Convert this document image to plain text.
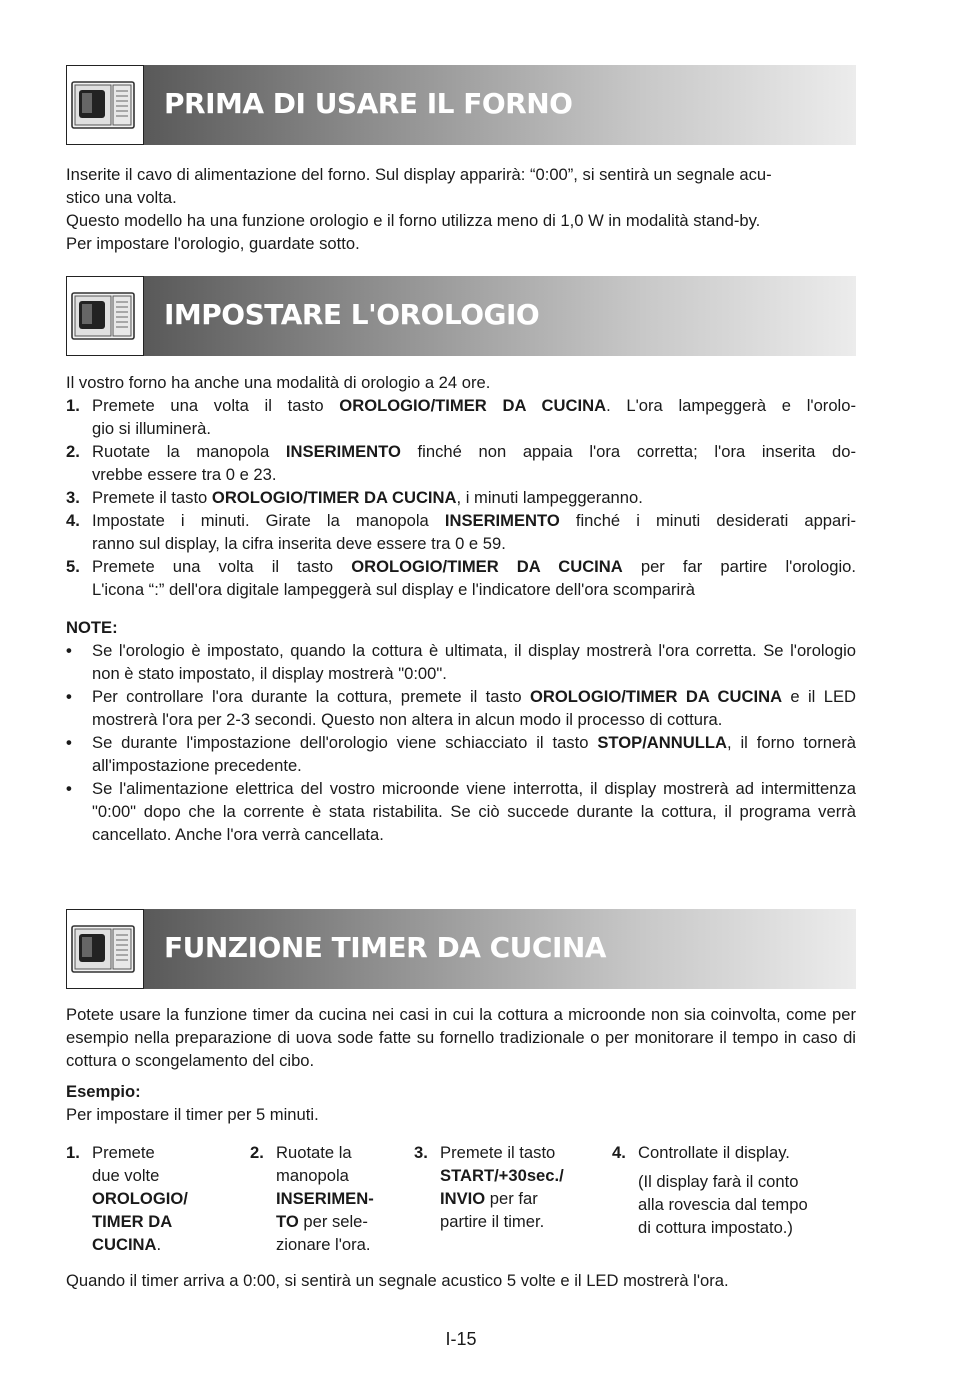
PRIMA DI USARE IL FORNO

Inserite il cavo di alimentazione del forno. Sul display apparirà: “0:00”, si sentirà un segnale acu-

stico una volta.

Questo modello ha una funzione orologio e il forno utilizza meno di 1,0 W in modalità stand-by.

Per impostare l'orologio, guardate sotto.

IMPOSTARE L'OROLOGIO

Il vostro forno ha anche una modalità di orologio a 24 ore.

1. Premete una volta il tasto OROLOGIO/TIMER DA CUCINA. L'ora lampeggerà e l'orolo-
gio si illuminerà.
2. Ruotate la manopola INSERIMENTO finché non appaia l'ora corretta; l'ora inserita do-
vrebbe essere tra 0 e 23.
3. Premete il tasto OROLOGIO/TIMER DA CUCINA, i minuti lampeggeranno.
4. Impostate i minuti. Girate la manopola INSERIMENTO finché i minuti desiderati appari-
ranno sul display, la cifra inserita deve essere tra 0 e 59.
5. Premete una volta il tasto OROLOGIO/TIMER DA CUCINA per far partire l'orologio.
L'icona “:” dell'ora digitale lampeggerà sul display e l'indicatore dell'ora scomparirà

NOTE:

• Se l'orologio è impostato, quando la cottura è ultimata, il display mostrerà l'ora corretta. Se l'orologio non è stato impostato, il display mostrerà "0:00".
• Per controllare l'ora durante la cottura, premete il tasto OROLOGIO/TIMER DA CUCINA e il LED mostrerà l'ora per 2-3 secondi. Questo non altera in alcun modo il processo di cottura.
• Se durante l'impostazione dell'orologio viene schiacciato il tasto STOP/ANNULLA, il forno tornerà all'impostazione precedente.
• Se l'alimentazione elettrica del vostro microonde viene interrotta, il display mostrerà ad intermittenza "0:00" dopo che la corrente è stata ristabilita. Se ciò succede durante la cottura, il programa verrà cancellato. Anche l'ora verrà cancellata.
FUNZIONE TIMER DA CUCINA

Potete usare la funzione timer da cucina nei casi in cui la cottura a microonde non sia coinvolta, come per esempio nella preparazione di uova sode fatte su fornello tradizionale o per monitorare il tempo in caso di cottura o scongelamento del cibo.

Esempio:

Per impostare il timer per 5 minuti.

1. Premete
due volte
OROLOGIO/
TIMER DA
CUCINA.
2. Ruotate la
manopola
INSERIMEN-
TO per sele-
zionare l'ora.
3. Premete il tasto
START/+30sec./
INVIO per far
partire il timer.
4. Controllate il display.
(Il display farà il conto
alla rovescia dal tempo
di cottura impostato.)

Quando il timer arriva a 0:00, si sentirà un segnale acustico 5 volte e il LED mostrerà l'ora.

I-15
